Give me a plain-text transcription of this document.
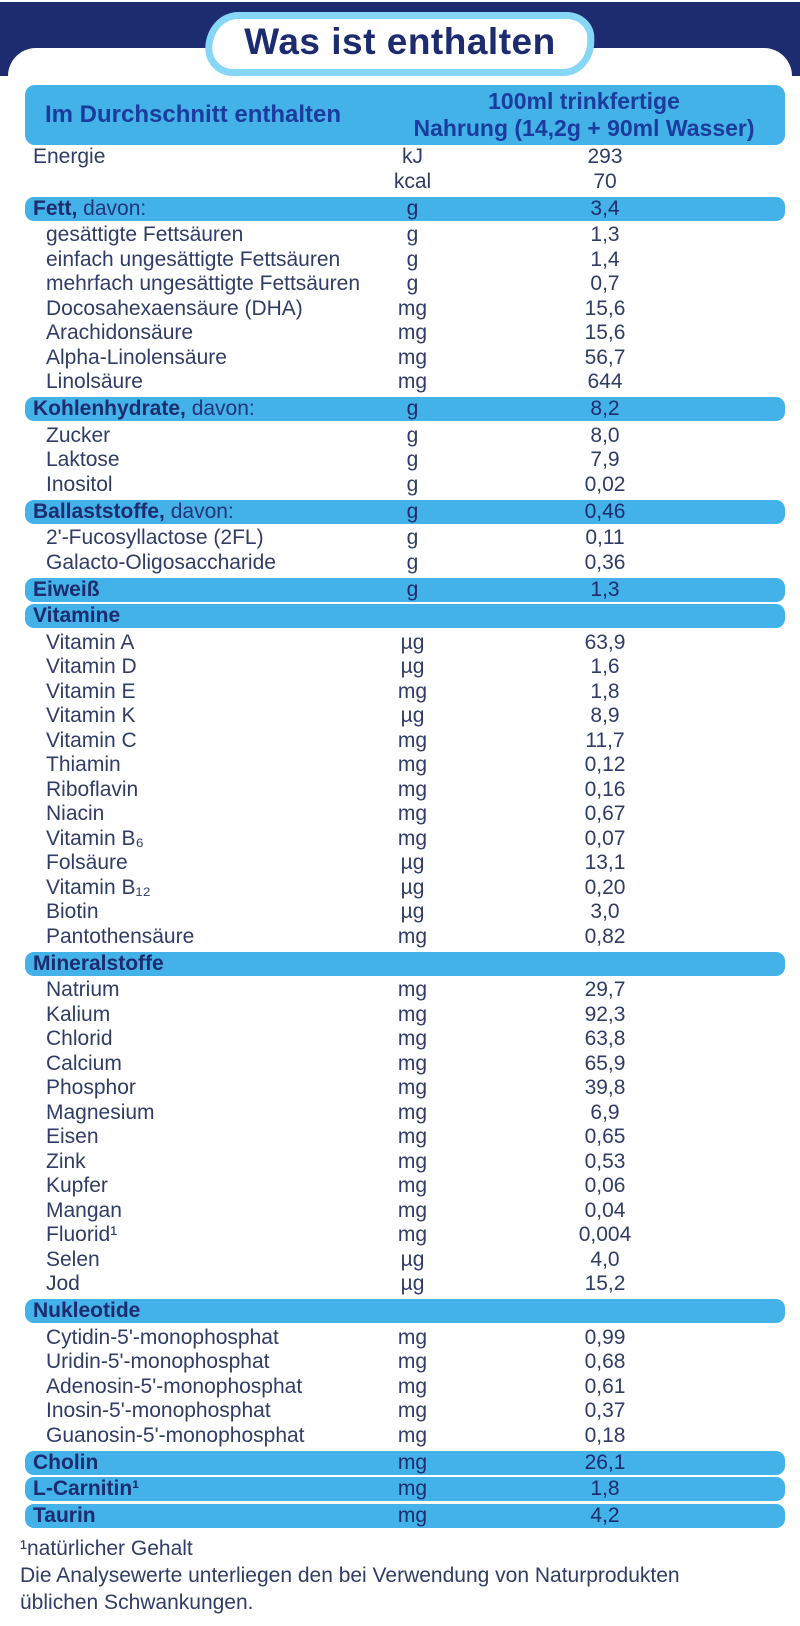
Was ist enthalten
Im Durchschnitt enthalten	100ml trinkfertige
Nahrung (14,2g + 90ml Wasser)
Energie	kJ	293
kcal	70
Fett, davon:	g	3,4
gesättigte Fettsäuren	g	1,3
einfach ungesättigte Fettsäuren	g	1,4
mehrfach ungesättigte Fettsäuren	g	0,7
Docosahexaensäure (DHA)	mg	15,6
Arachidonsäure	mg	15,6
Alpha-Linolensäure	mg	56,7
Linolsäure	mg	644
Kohlenhydrate, davon:	g	8,2
Zucker	g	8,0
Laktose	g	7,9
Inositol	g	0,02
Ballaststoffe, davon:	g	0,46
2'-Fucosyllactose (2FL)	g	0,11
Galacto-Oligosaccharide	g	0,36
Eiweiß	g	1,3
Vitamine
Vitamin A	µg	63,9
Vitamin D	µg	1,6
Vitamin E	mg	1,8
Vitamin K	µg	8,9
Vitamin C	mg	11,7
Thiamin	mg	0,12
Riboflavin	mg	0,16
Niacin	mg	0,67
Vitamin B₆	mg	0,07
Folsäure	µg	13,1
Vitamin B₁₂	µg	0,20
Biotin	µg	3,0
Pantothensäure	mg	0,82
Mineralstoffe
Natrium	mg	29,7
Kalium	mg	92,3
Chlorid	mg	63,8
Calcium	mg	65,9
Phosphor	mg	39,8
Magnesium	mg	6,9
Eisen	mg	0,65
Zink	mg	0,53
Kupfer	mg	0,06
Mangan	mg	0,04
Fluorid¹	mg	0,004
Selen	µg	4,0
Jod	µg	15,2
Nukleotide
Cytidin-5'-monophosphat	mg	0,99
Uridin-5'-monophosphat	mg	0,68
Adenosin-5'-monophosphat	mg	0,61
Inosin-5'-monophosphat	mg	0,37
Guanosin-5'-monophosphat	mg	0,18
Cholin	mg	26,1
L-Carnitin¹	mg	1,8
Taurin	mg	4,2

¹natürlicher Gehalt

Die Analysewerte unterliegen den bei Verwendung von Naturprodukten üblichen Schwankungen.
